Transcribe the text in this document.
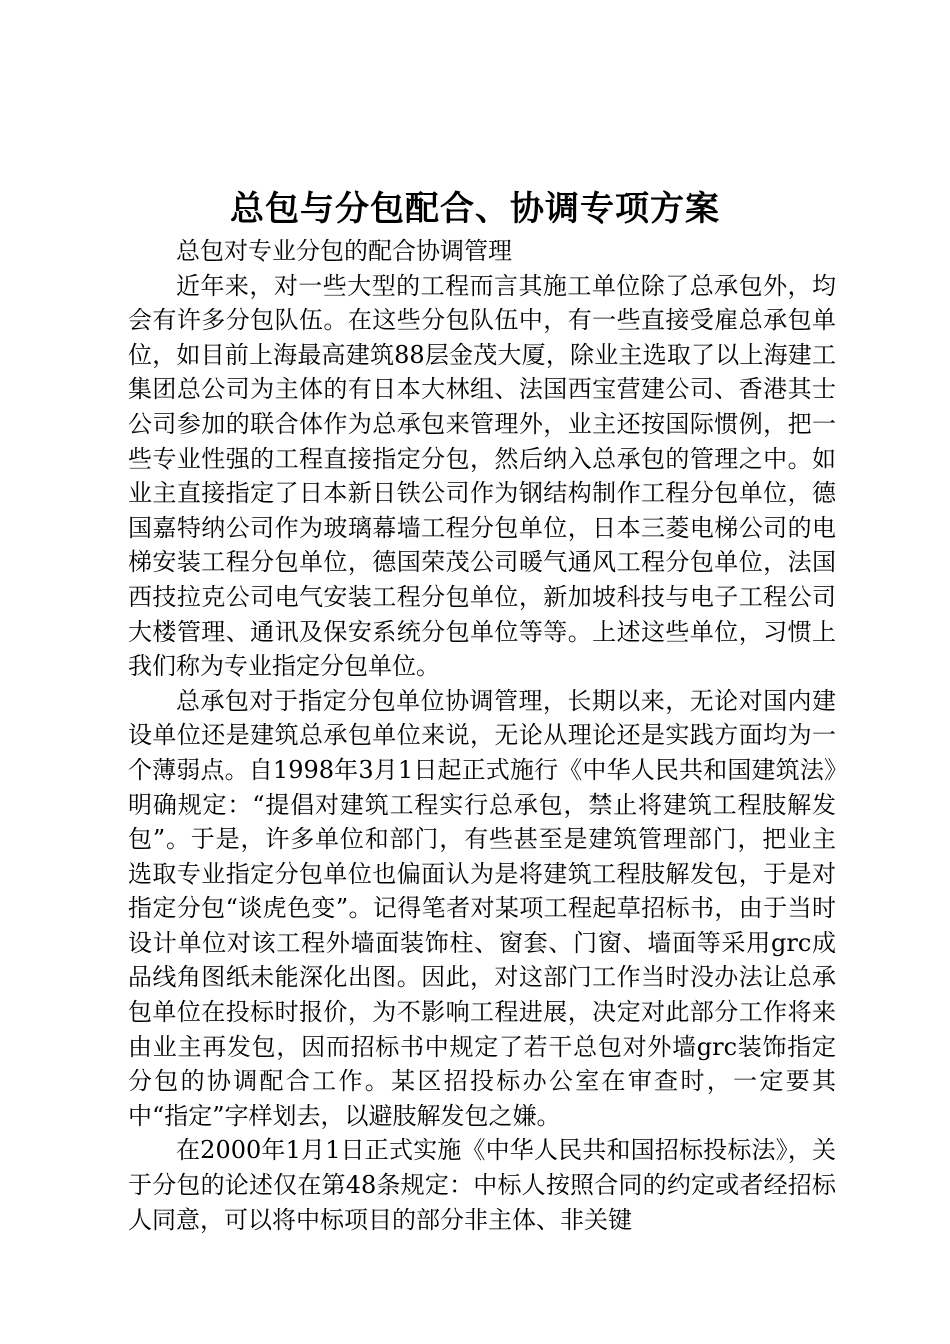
总包与分包配合、协调专项方案

总包对专业分包的配合协调管理

近年来，对一些大型的工程而言其施工单位除了总承包外，均会有许多分包队伍。在这些分包队伍中，有一些直接受雇总承包单位，如目前上海最高建筑88层金茂大厦，除业主选取了以上海建工集团总公司为主体的有日本大林组、法国西宝营建公司、香港其士公司参加的联合体作为总承包来管理外，业主还按国际惯例，把一些专业性强的工程直接指定分包，然后纳入总承包的管理之中。如业主直接指定了日本新日铁公司作为钢结构制作工程分包单位，德国嘉特纳公司作为玻璃幕墙工程分包单位，日本三菱电梯公司的电梯安装工程分包单位，德国荣茂公司暖气通风工程分包单位，法国西技拉克公司电气安装工程分包单位，新加坡科技与电子工程公司大楼管理、通讯及保安系统分包单位等等。上述这些单位，习惯上我们称为专业指定分包单位。

总承包对于指定分包单位协调管理，长期以来，无论对国内建设单位还是建筑总承包单位来说，无论从理论还是实践方面均为一个薄弱点。自1998年3月1日起正式施行《中华人民共和国建筑法》明确规定：“提倡对建筑工程实行总承包，禁止将建筑工程肢解发包”。于是，许多单位和部门，有些甚至是建筑管理部门，把业主选取专业指定分包单位也偏面认为是将建筑工程肢解发包，于是对指定分包“谈虎色变”。记得笔者对某项工程起草招标书，由于当时设计单位对该工程外墙面装饰柱、窗套、门窗、墙面等采用grc成品线角图纸未能深化出图。因此，对这部门工作当时没办法让总承包单位在投标时报价，为不影响工程进展，决定对此部分工作将来由业主再发包，因而招标书中规定了若干总包对外墙grc装饰指定分包的协调配合工作。某区招投标办公室在审查时，一定要其中“指定”字样划去，以避肢解发包之嫌。

在2000年1月1日正式实施《中华人民共和国招标投标法》，关于分包的论述仅在第48条规定：中标人按照合同的约定或者经招标人同意，可以将中标项目的部分非主体、非关键
